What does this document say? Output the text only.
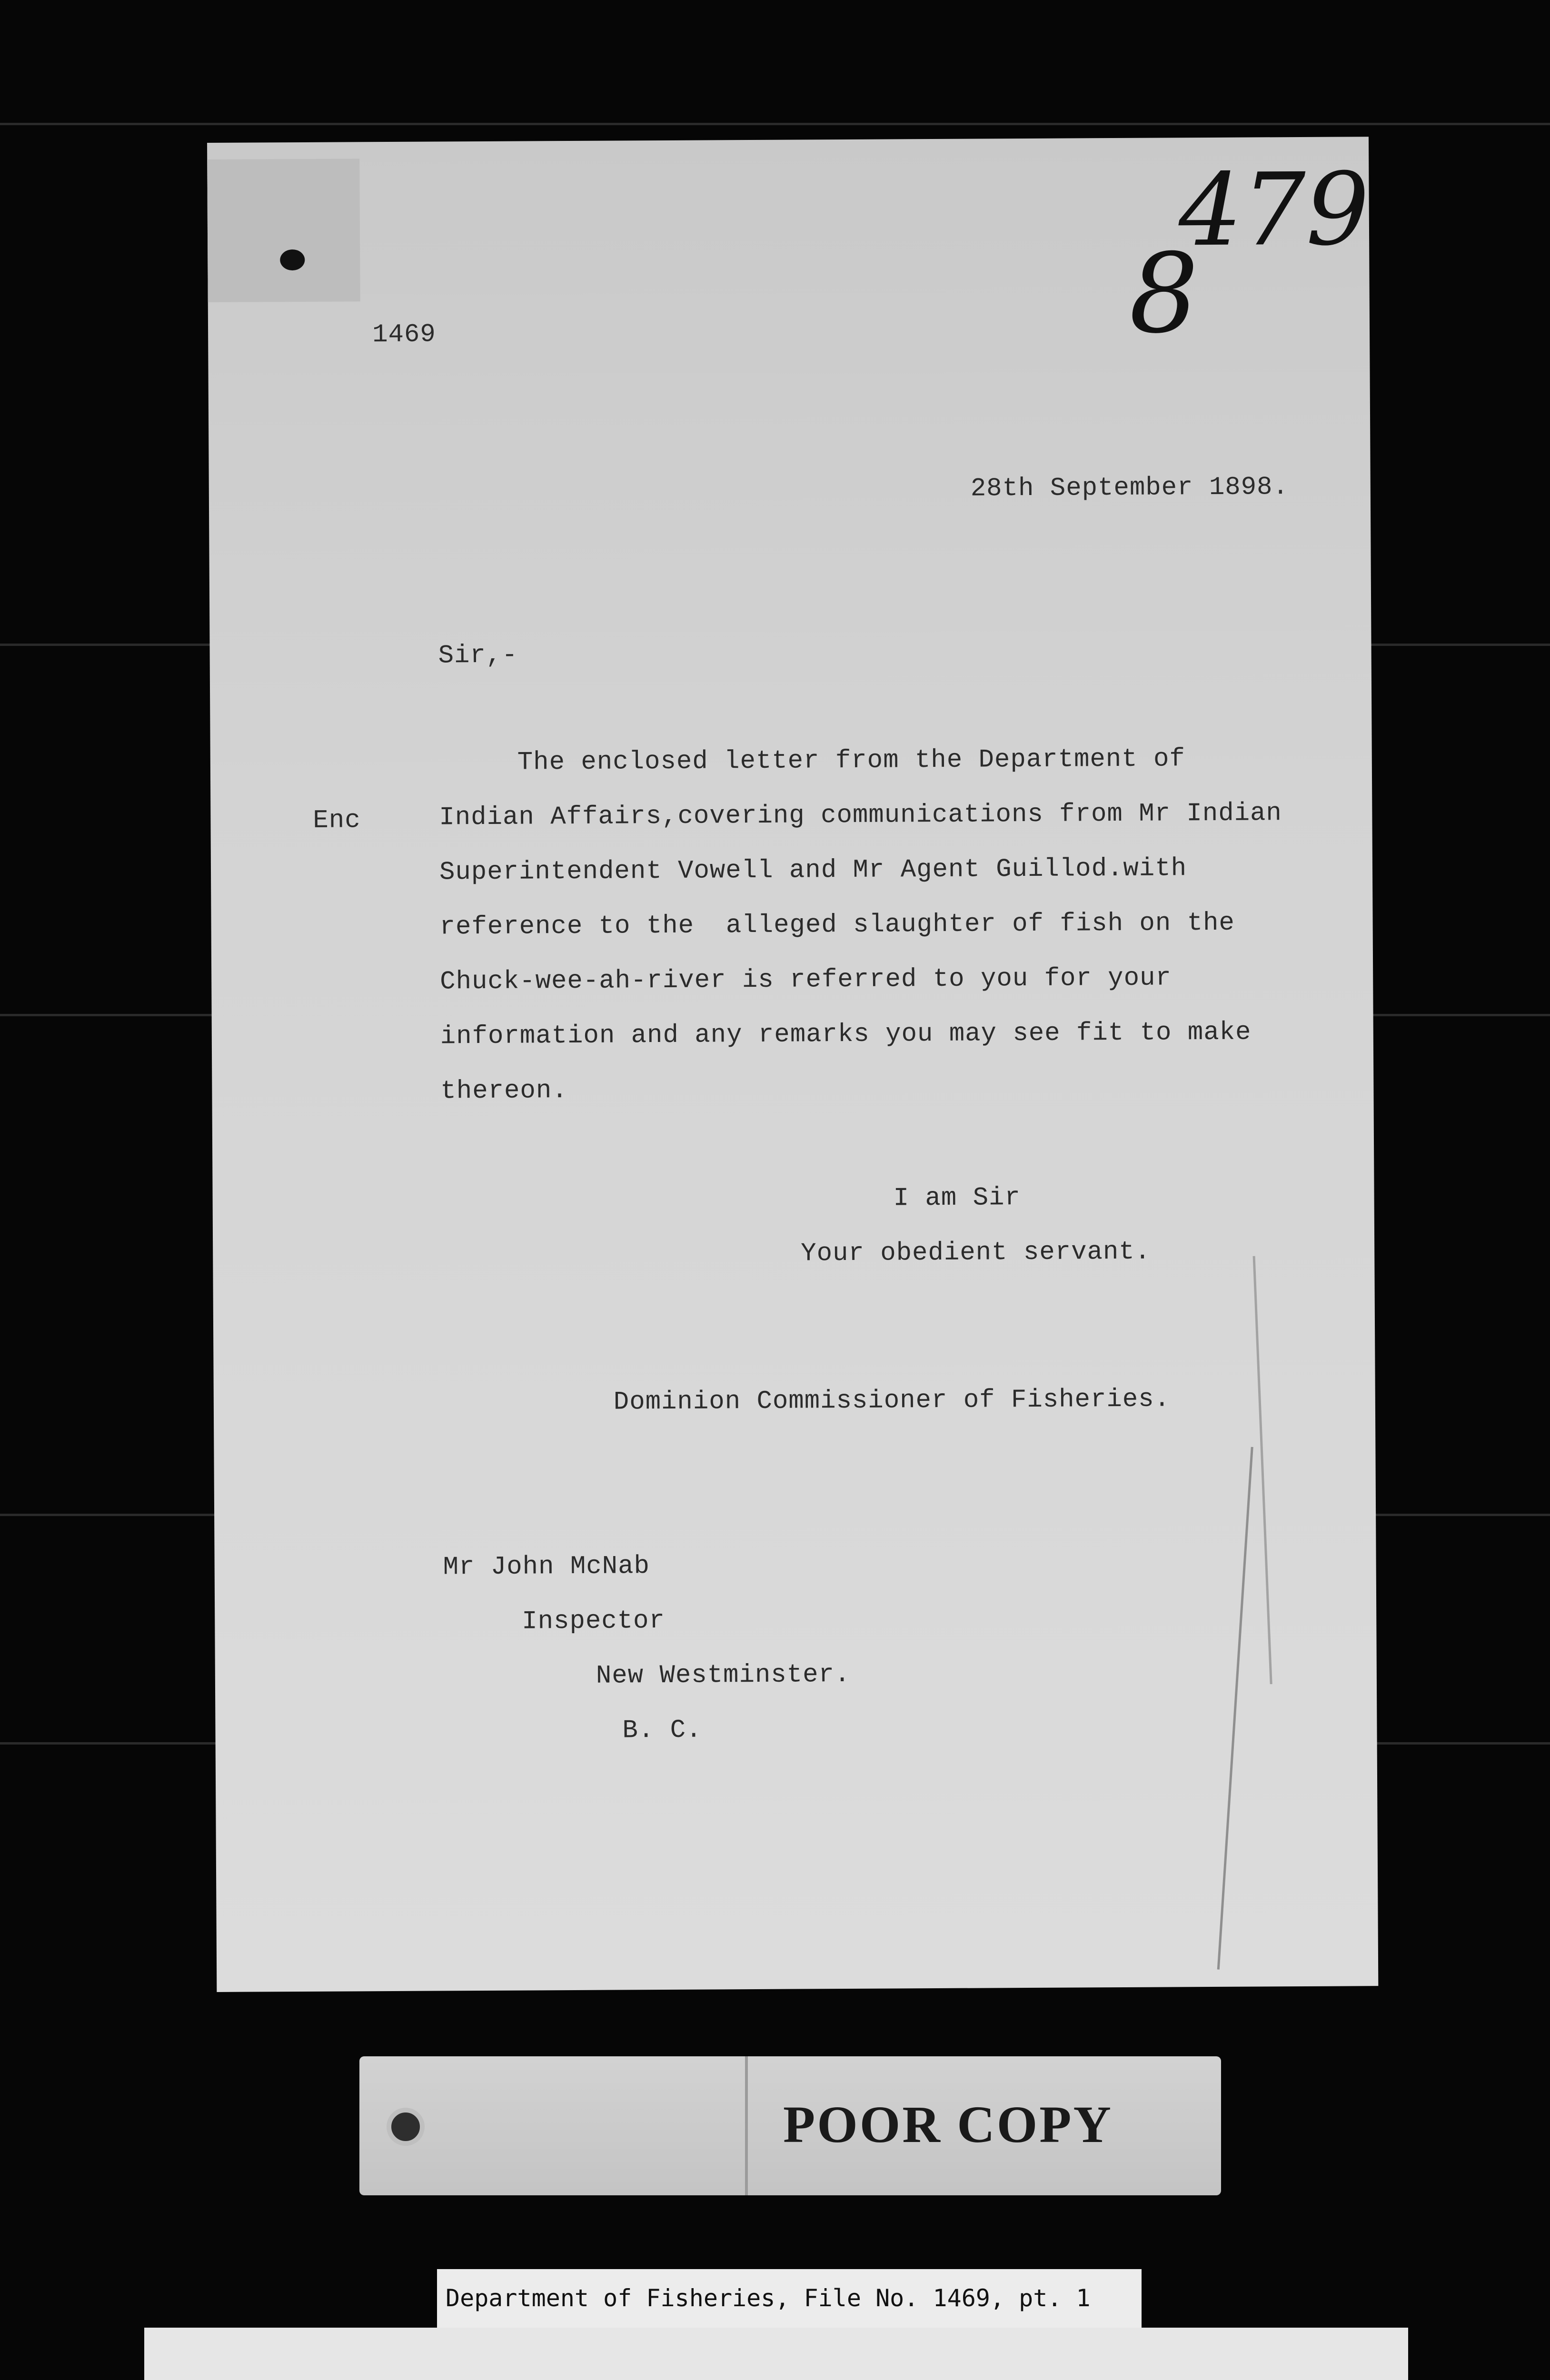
1469
479
8
28th September 1898.
Sir,-
Enc
The enclosed letter from the Department of
Indian Affairs,covering communications from Mr Indian
Superintendent Vowell and Mr Agent Guillod.with
reference to the  alleged slaughter of fish on the
Chuck-wee-ah-river is referred to you for your
information and any remarks you may see fit to make
thereon.
I am Sir
Your obedient servant.
Dominion Commissioner of Fisheries.
Mr John McNab
Inspector
New Westminster.
B. C.
POOR COPY
Department of Fisheries, File No. 1469, pt. 1
